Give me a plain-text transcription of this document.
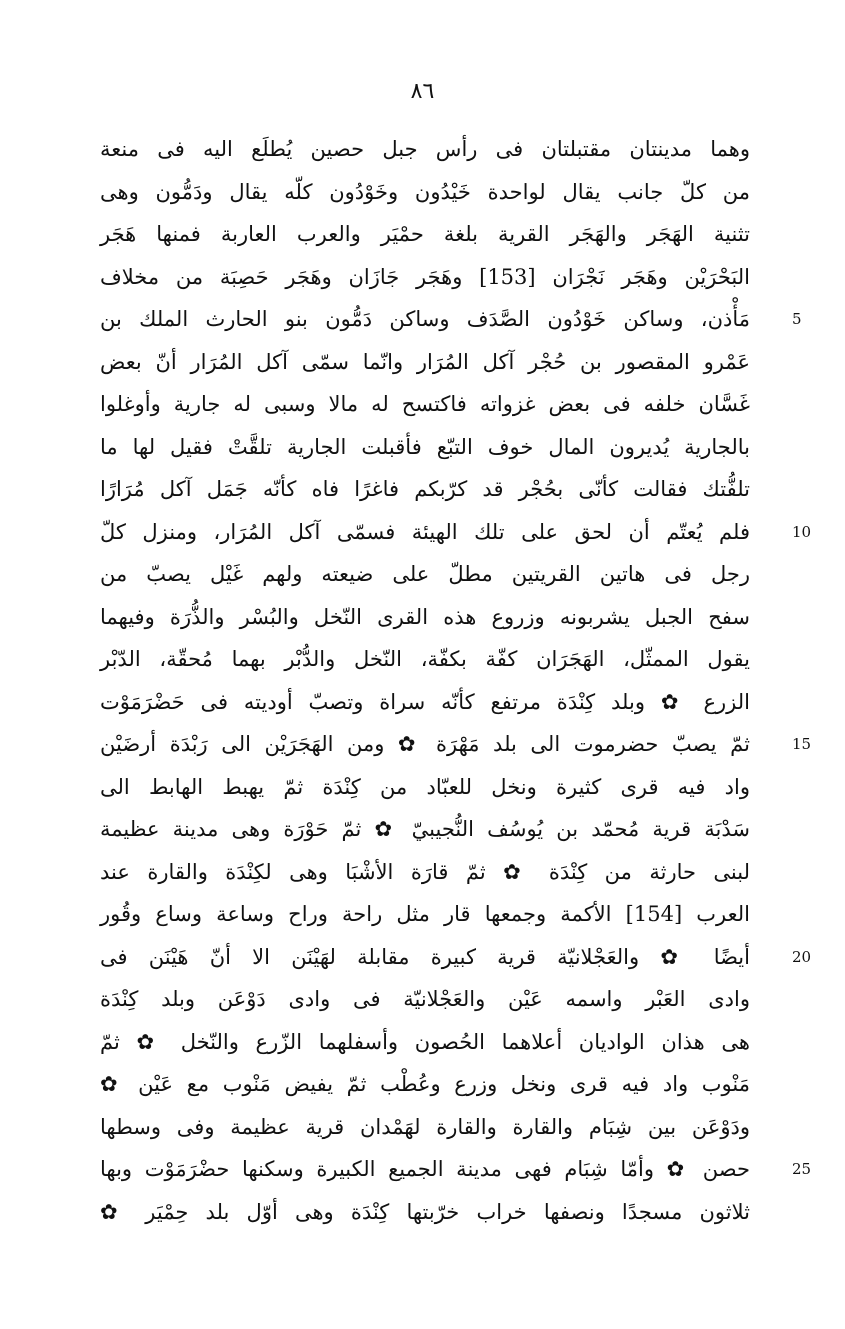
٨٦
وهما مدينتان مقتبلتان فى رأس جبل حصين يُطلَع اليه فى منعة
من كلّ جانب يقال لواحدة خَيْدُون وخَوْدُون كلّه يقال ودَمُّون وهى
تثنية الهَجَر والهَجَر القرية بلغة حمْيَر والعرب العاربة فمنها هَجَر
البَحْرَيْن وهَجَر نَجْرَان [153] وهَجَر جَازَان وهَجَر حَصِبَة من مخلاف
مَأْذن، وساكن خَوْدُون الصَّدَف وساكن دَمُّون بنو الحارث الملك بن	5
عَمْرو المقصور بن حُجْر آكل المُرَار وانّما سمّى آكل المُرَار أنّ بعض
غَسَّان خلفه فى بعض غزواته فاكتسح له مالا وسبى له جارية وأوغلوا
بالجارية يُديرون المال خوف التبّع فأقبلت الجارية تلقَّتْ فقيل لها ما
تلفُّتك فقالت كأنّى بحُجْر قد كرّبكم فاغرًا فاه كأنّه جَمَل آكل مُرَارًا
فلم يُعتّم أن لحق على تلك الهيئة فسمّى آكل المُرَار، ومنزل كلّ	10
رجل فى هاتين القريتين مطلّ على ضيعته ولهم غَيْل يصبّ من
سفح الجبل يشربونه وزروع هذه القرى النّخل والبُسْر والذُّرَة وفيهما
يقول الممثّل، الهَجَرَان كفّة بكفّة، النّخل والدُّبْر بهما مُحقّة، الدّبْر
الزرع ✿ وبلد كِنْدَة مرتفع كأنّه سراة وتصبّ أوديته فى حَضْرَمَوْت
ثمّ يصبّ حضرموت الى بلد مَهْرَة ✿ ومن الهَجَرَيْن الى رَبْدَة أرضَيْن	15
واد فيه قرى كثيرة ونخل للعبّاد من كِنْدَة ثمّ يهبط الهابط الى
سَدْبَة قرية مُحمّد بن يُوسُف النُّجيبيّ ✿ ثمّ حَوْرَة وهى مدينة عظيمة
لبنى حارثة من كِنْدَة ✿ ثمّ قارَة الأشْبَا وهى لكِنْدَة والقارة عند
العرب [154] الأكمة وجمعها قار مثل راحة وراح وساعة وساع وقُور
أيضًا ✿ والعَجْلانيّة قرية كبيرة مقابلة لهَيْنَن الا أنّ هَيْنَن فى	20
وادى العَبْر واسمه عَيْن والعَجْلانيّة فى وادى دَوْعَن وبلد كِنْدَة
هى هذان الواديان أعلاهما الحُصون وأسفلهما الزّرع والنّخل ✿ ثمّ
مَنْوب واد فيه قرى ونخل وزرع وعُطْب ثمّ يفيض مَنْوب مع عَيْن ✿
ودَوْعَن بين شِبَام والقارة والقارة لهَمْدان قرية عظيمة وفى وسطها
حصن ✿ وأمّا شِبَام فهى مدينة الجميع الكبيرة وسكنها حضْرَمَوْت وبها	25
ثلاثون مسجدًا ونصفها خراب خرّبتها كِنْدَة وهى أوّل بلد حِمْيَر ✿
